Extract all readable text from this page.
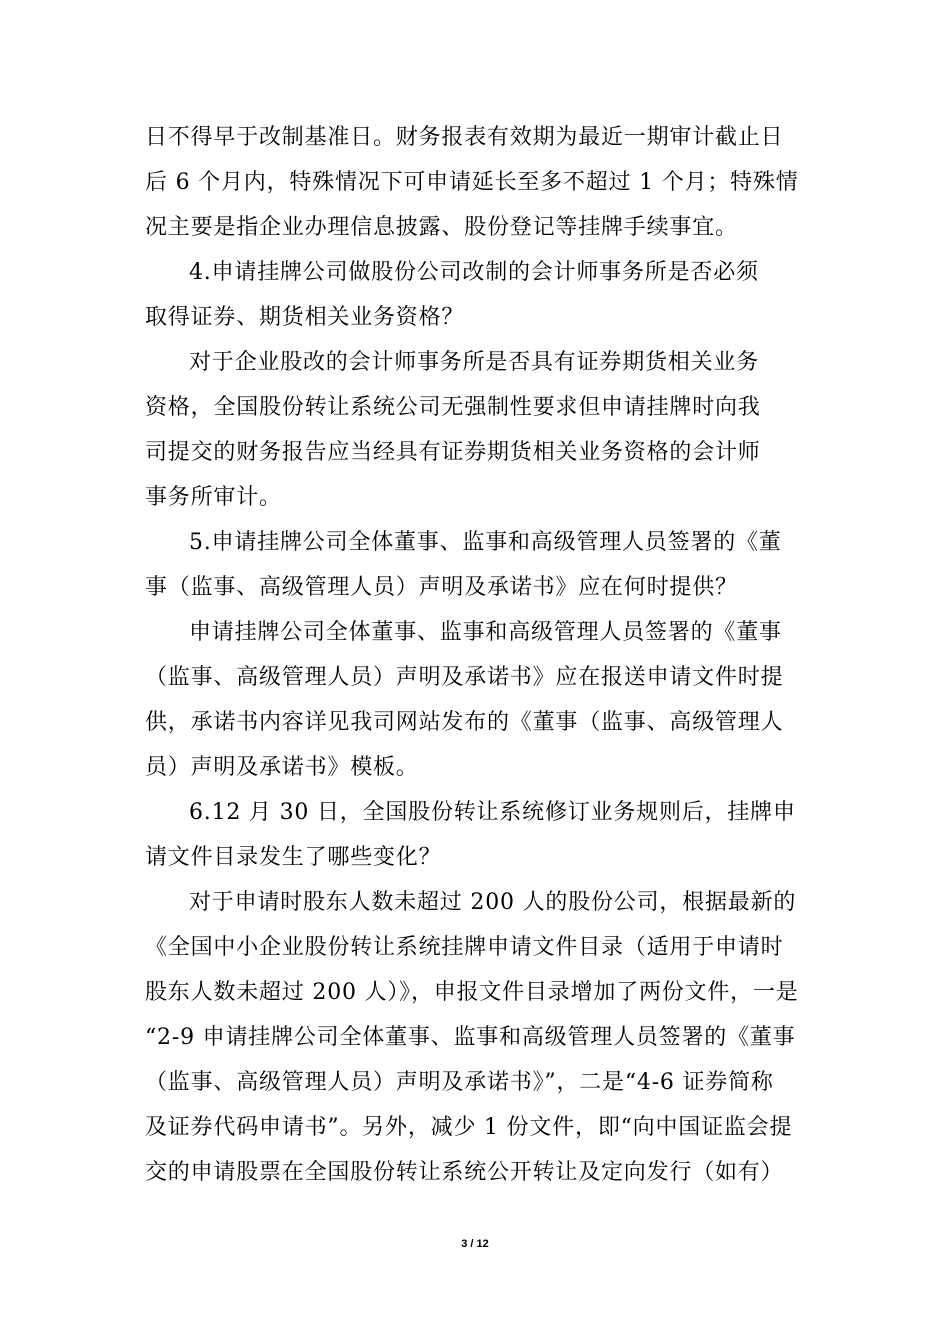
日不得早于改制基准日。财务报表有效期为最近一期审计截止日
后 6 个月内，特殊情况下可申请延长至多不超过 1 个月；特殊情
况主要是指企业办理信息披露、股份登记等挂牌手续事宜。
4.申请挂牌公司做股份公司改制的会计师事务所是否必须
取得证券、期货相关业务资格？
对于企业股改的会计师事务所是否具有证券期货相关业务
资格，全国股份转让系统公司无强制性要求但申请挂牌时向我
司提交的财务报告应当经具有证券期货相关业务资格的会计师
事务所审计。
5.申请挂牌公司全体董事、监事和高级管理人员签署的《董
事（监事、高级管理人员）声明及承诺书》应在何时提供？
申请挂牌公司全体董事、监事和高级管理人员签署的《董事
（监事、高级管理人员）声明及承诺书》应在报送申请文件时提
供，承诺书内容详见我司网站发布的《董事（监事、高级管理人
员）声明及承诺书》模板。
6.12 月 30 日，全国股份转让系统修订业务规则后，挂牌申
请文件目录发生了哪些变化？
对于申请时股东人数未超过 200 人的股份公司，根据最新的
《全国中小企业股份转让系统挂牌申请文件目录（适用于申请时
股东人数未超过 200 人）》，申报文件目录增加了两份文件，一是
“2-9 申请挂牌公司全体董事、监事和高级管理人员签署的《董事
（监事、高级管理人员）声明及承诺书》”，二是“4-6 证券简称
及证券代码申请书”。另外，减少 1 份文件，即“向中国证监会提
交的申请股票在全国股份转让系统公开转让及定向发行（如有）
3 / 12
